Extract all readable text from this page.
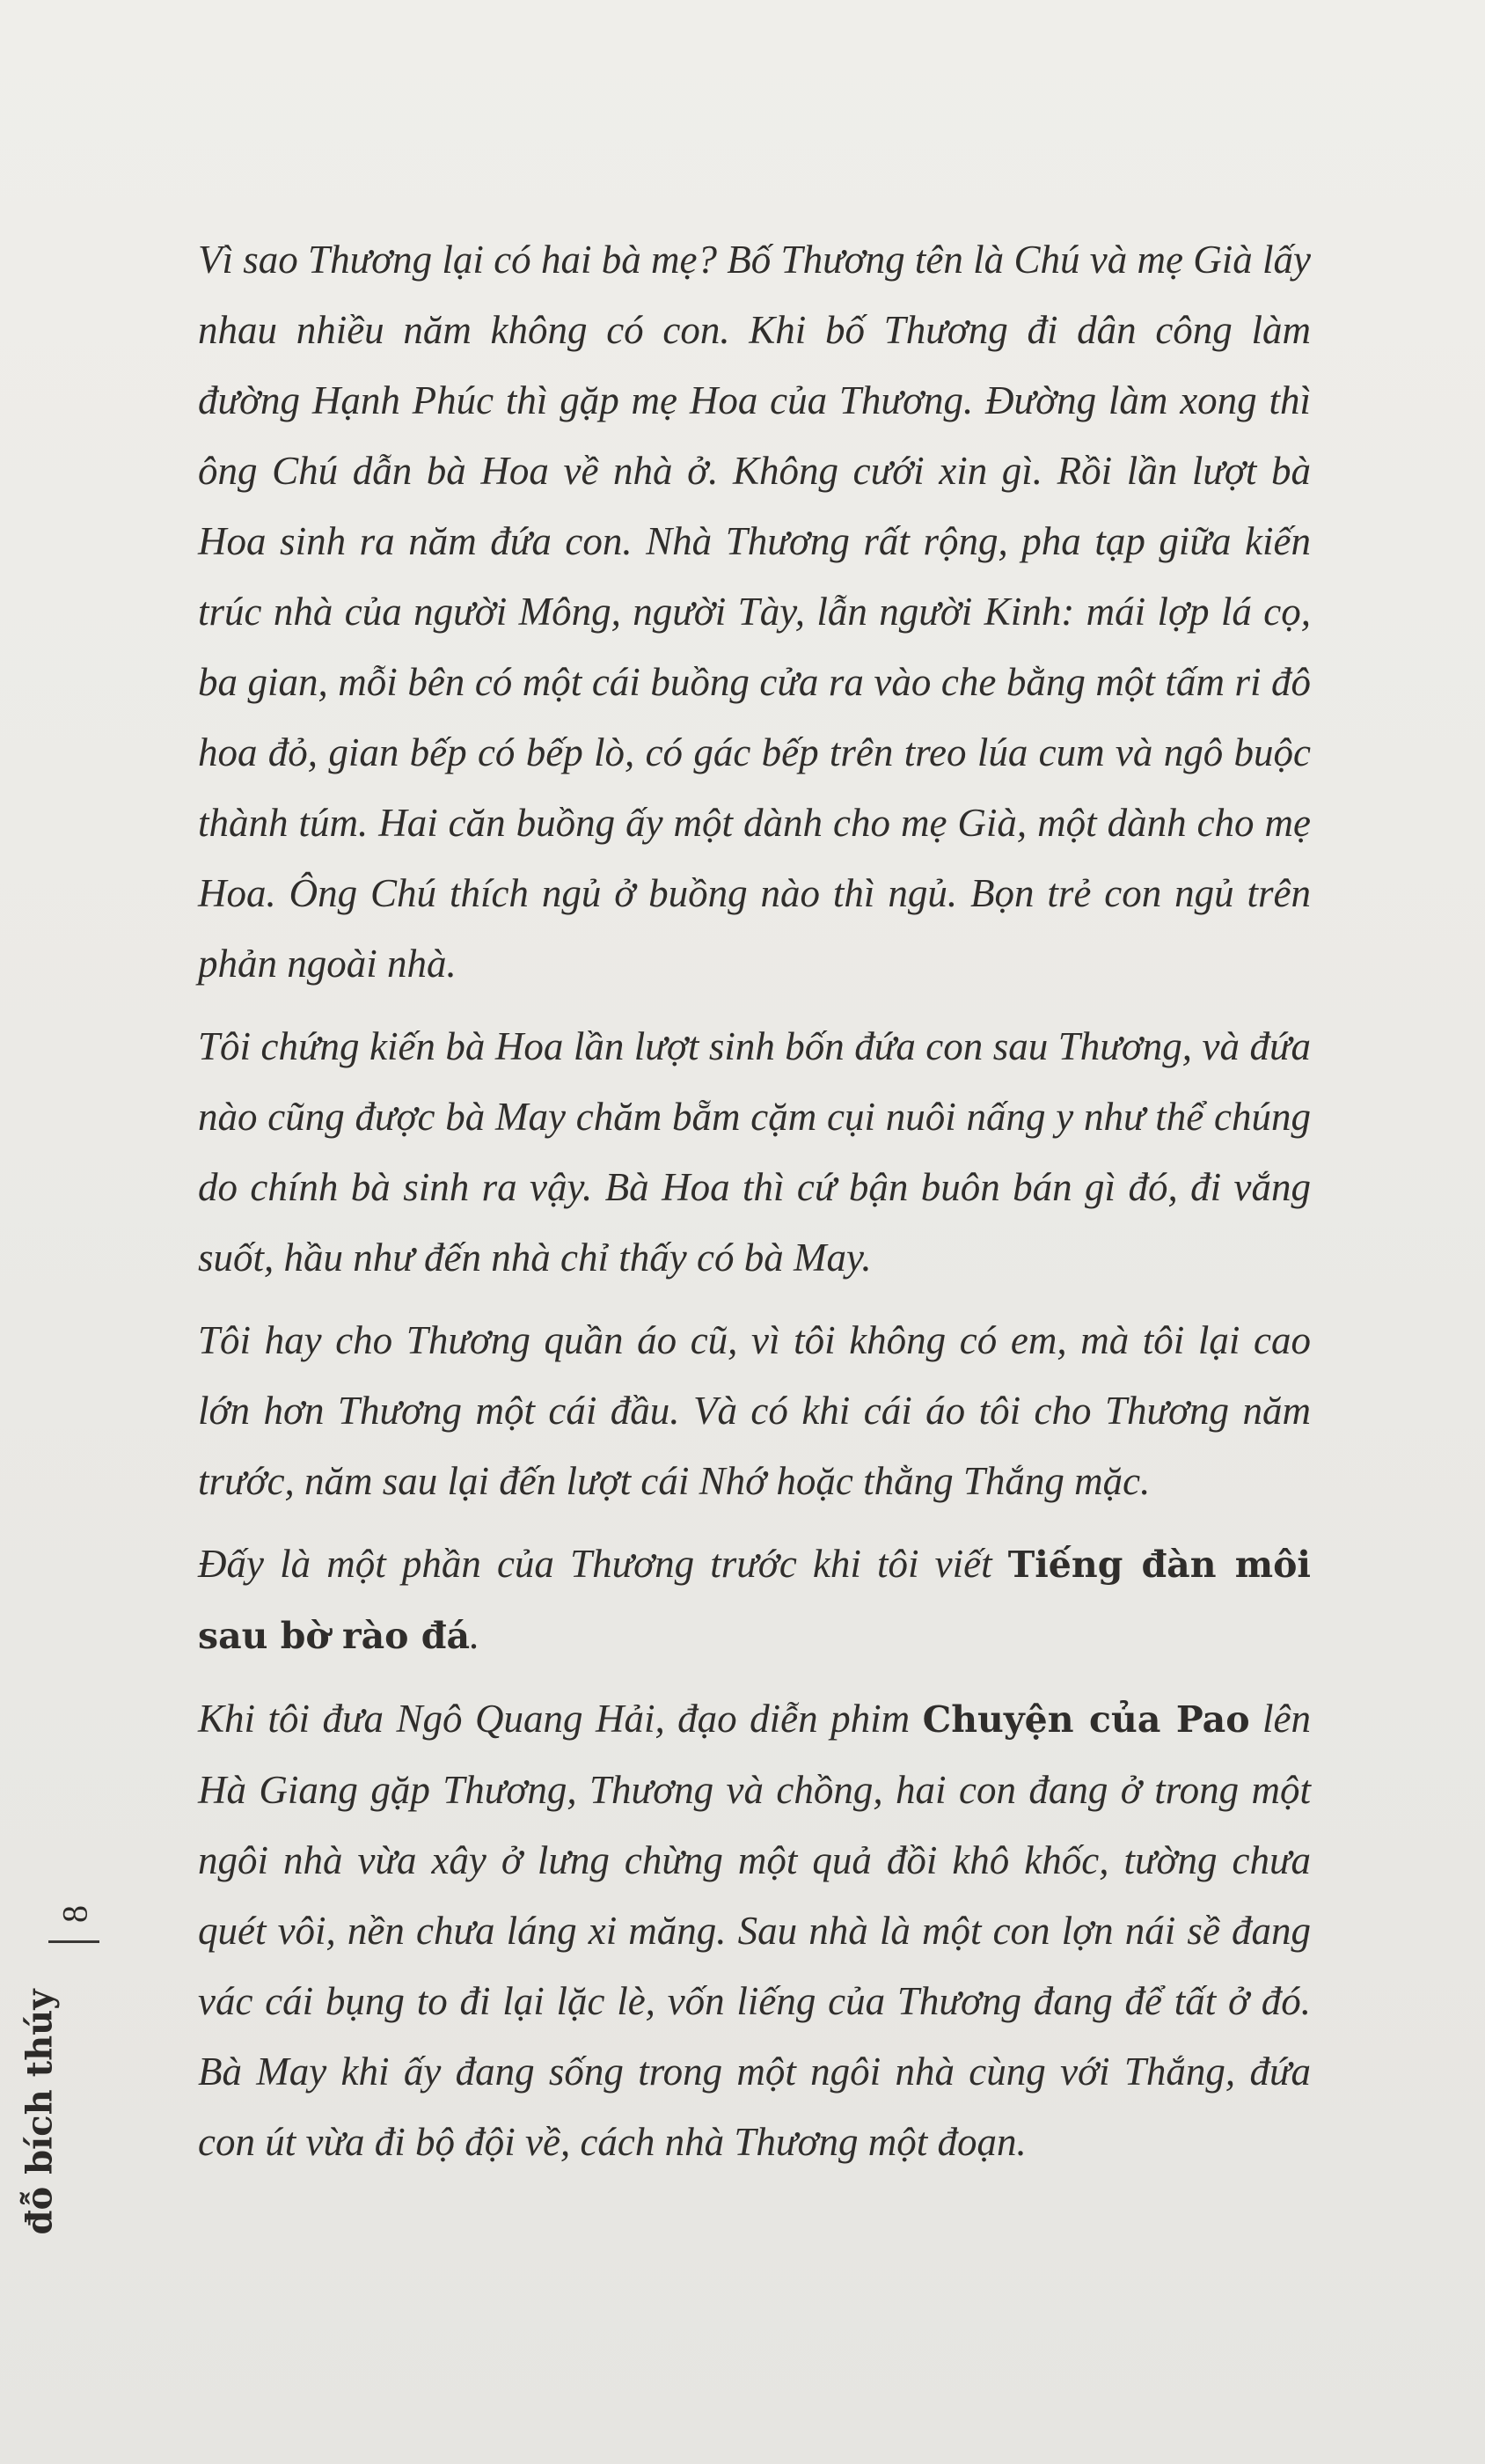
Vì sao Thương lại có hai bà mẹ? Bố Thương tên là Chú và mẹ Già lấy nhau nhiều năm không có con. Khi bố Thương đi dân công làm đường Hạnh Phúc thì gặp mẹ Hoa của Thương. Đường làm xong thì ông Chú dẫn bà Hoa về nhà ở. Không cưới xin gì. Rồi lần lượt bà Hoa sinh ra năm đứa con. Nhà Thương rất rộng, pha tạp giữa kiến trúc nhà của người Mông, người Tày, lẫn người Kinh: mái lợp lá cọ, ba gian, mỗi bên có một cái buồng cửa ra vào che bằng một tấm ri đô hoa đỏ, gian bếp có bếp lò, có gác bếp trên treo lúa cum và ngô buộc thành túm. Hai căn buồng ấy một dành cho mẹ Già, một dành cho mẹ Hoa. Ông Chú thích ngủ ở buồng nào thì ngủ. Bọn trẻ con ngủ trên phản ngoài nhà.

Tôi chứng kiến bà Hoa lần lượt sinh bốn đứa con sau Thương, và đứa nào cũng được bà May chăm bẵm cặm cụi nuôi nấng y như thể chúng do chính bà sinh ra vậy. Bà Hoa thì cứ bận buôn bán gì đó, đi vắng suốt, hầu như đến nhà chỉ thấy có bà May.

Tôi hay cho Thương quần áo cũ, vì tôi không có em, mà tôi lại cao lớn hơn Thương một cái đầu. Và có khi cái áo tôi cho Thương năm trước, năm sau lại đến lượt cái Nhớ hoặc thằng Thắng mặc.

Đấy là một phần của Thương trước khi tôi viết Tiếng đàn môi sau bờ rào đá.

Khi tôi đưa Ngô Quang Hải, đạo diễn phim Chuyện của Pao lên Hà Giang gặp Thương, Thương và chồng, hai con đang ở trong một ngôi nhà vừa xây ở lưng chừng một quả đồi khô khốc, tường chưa quét vôi, nền chưa láng xi măng. Sau nhà là một con lợn nái sề đang vác cái bụng to đi lại lặc lè, vốn liếng của Thương đang để tất ở đó. Bà May khi ấy đang sống trong một ngôi nhà cùng với Thắng, đứa con út vừa đi bộ đội về, cách nhà Thương một đoạn.

8
đỗ bích thúy
